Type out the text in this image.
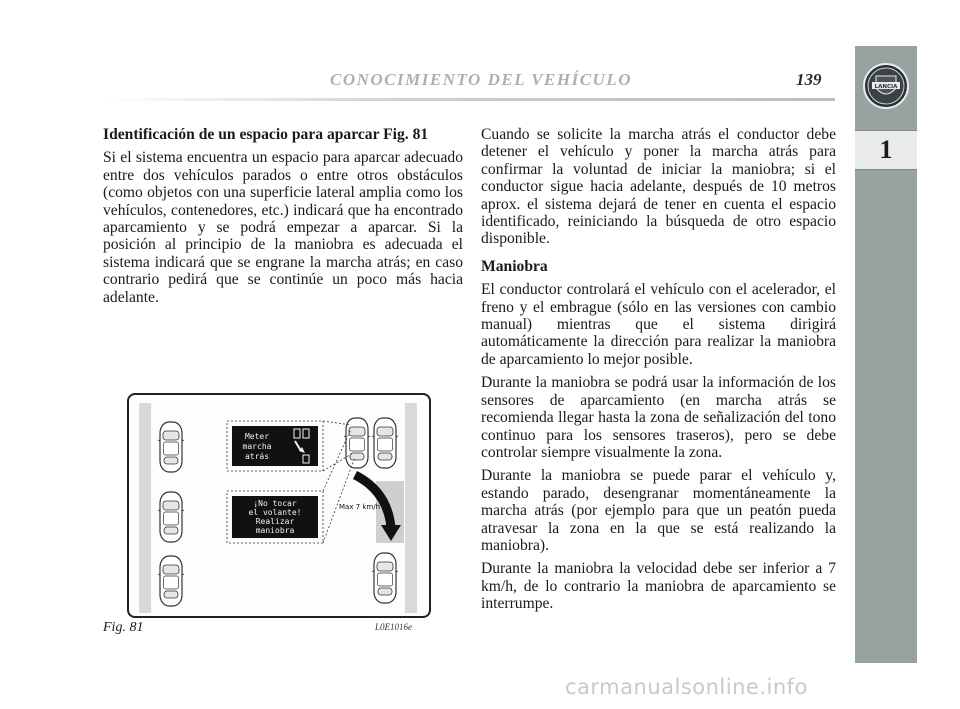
CONOCIMIENTO DEL VEHÍCULO	139	LANCIA
1
Identificación de un espacio para aparcar Fig. 81

Si el sistema encuentra un espacio para aparcar adecuado entre dos vehículos parados o entre otros obstáculos (como objetos con una superficie lateral amplia como los vehículos, contenedores, etc.) indicará que ha encontrado aparcamiento y se podrá empezar a aparcar. Si la posición al principio de la maniobra es adecuada el sistema indicará que se engrane la marcha atrás; en caso contrario pedirá que se continúe un poco más hacia adelante.

Cuando se solicite la marcha atrás el conductor debe detener el vehículo y poner la marcha atrás para confirmar la voluntad de iniciar la maniobra; si el conductor sigue hacia adelante, después de 10 metros aprox. el sistema dejará de tener en cuenta el espacio identificado, reiniciando la búsqueda de otro espacio disponible.

Maniobra

El conductor controlará el vehículo con el acelerador, el freno y el embrague (sólo en las versiones con cambio manual) mientras que el sistema dirigirá automáticamente la dirección para realizar la maniobra de aparcamiento lo mejor posible.

Durante la maniobra se podrá usar la información de los sensores de aparcamiento (en marcha atrás se recomienda llegar hasta la zona de señalización del tono continuo para los sensores traseros), pero se debe controlar siempre visualmente la zona.

Durante la maniobra se puede parar el vehículo y, estando parado, desengranar momentáneamente la marcha atrás (por ejemplo para que un peatón pueda atravesar la zona en la que se está realizando la maniobra).

Durante la maniobra la velocidad debe ser inferior a 7 km/h, de lo contrario la maniobra de aparcamiento se interrumpe.

Max 7 km/h
Meter
marcha
atrás
¡No tocar
el volante!
Realizar
maniobra
Fig. 81	L0E1016e
carmanualsonline.info
